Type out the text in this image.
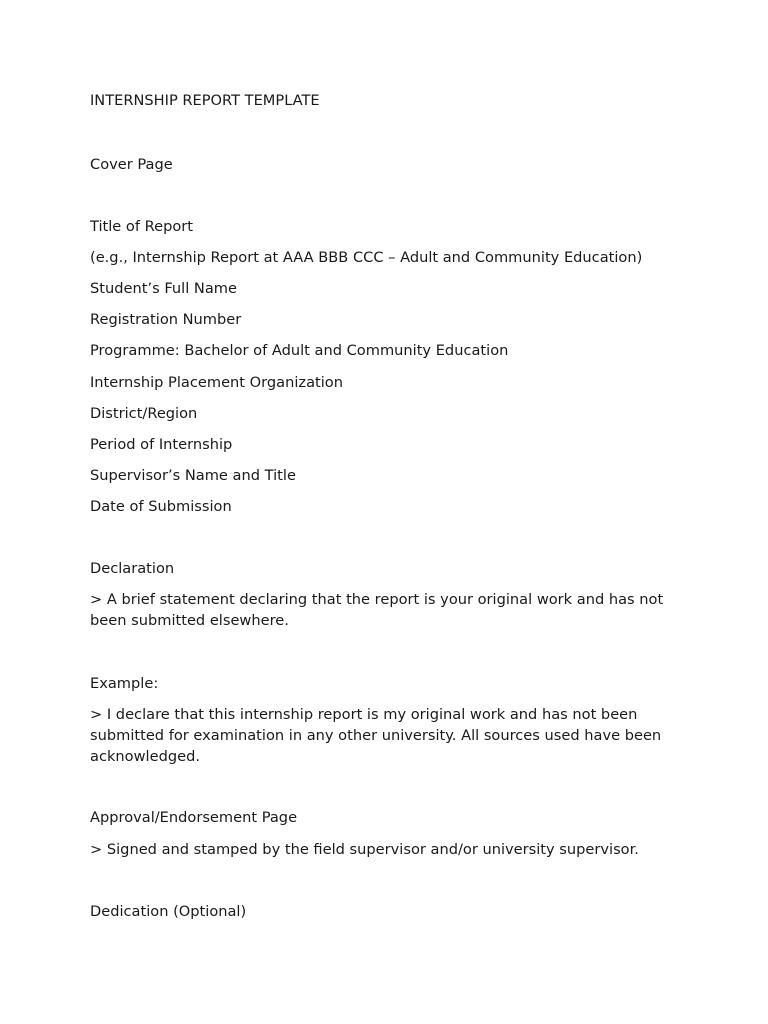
INTERNSHIP REPORT TEMPLATE
Cover Page
Title of Report
(e.g., Internship Report at AAA BBB CCC – Adult and Community Education)
Student’s Full Name
Registration Number
Programme: Bachelor of Adult and Community Education
Internship Placement Organization
District/Region
Period of Internship
Supervisor’s Name and Title
Date of Submission
Declaration
> A brief statement declaring that the report is your original work and has not been submitted elsewhere.
Example:
> I declare that this internship report is my original work and has not been submitted for examination in any other university. All sources used have been acknowledged.
Approval/Endorsement Page
> Signed and stamped by the field supervisor and/or university supervisor.
Dedication (Optional)
